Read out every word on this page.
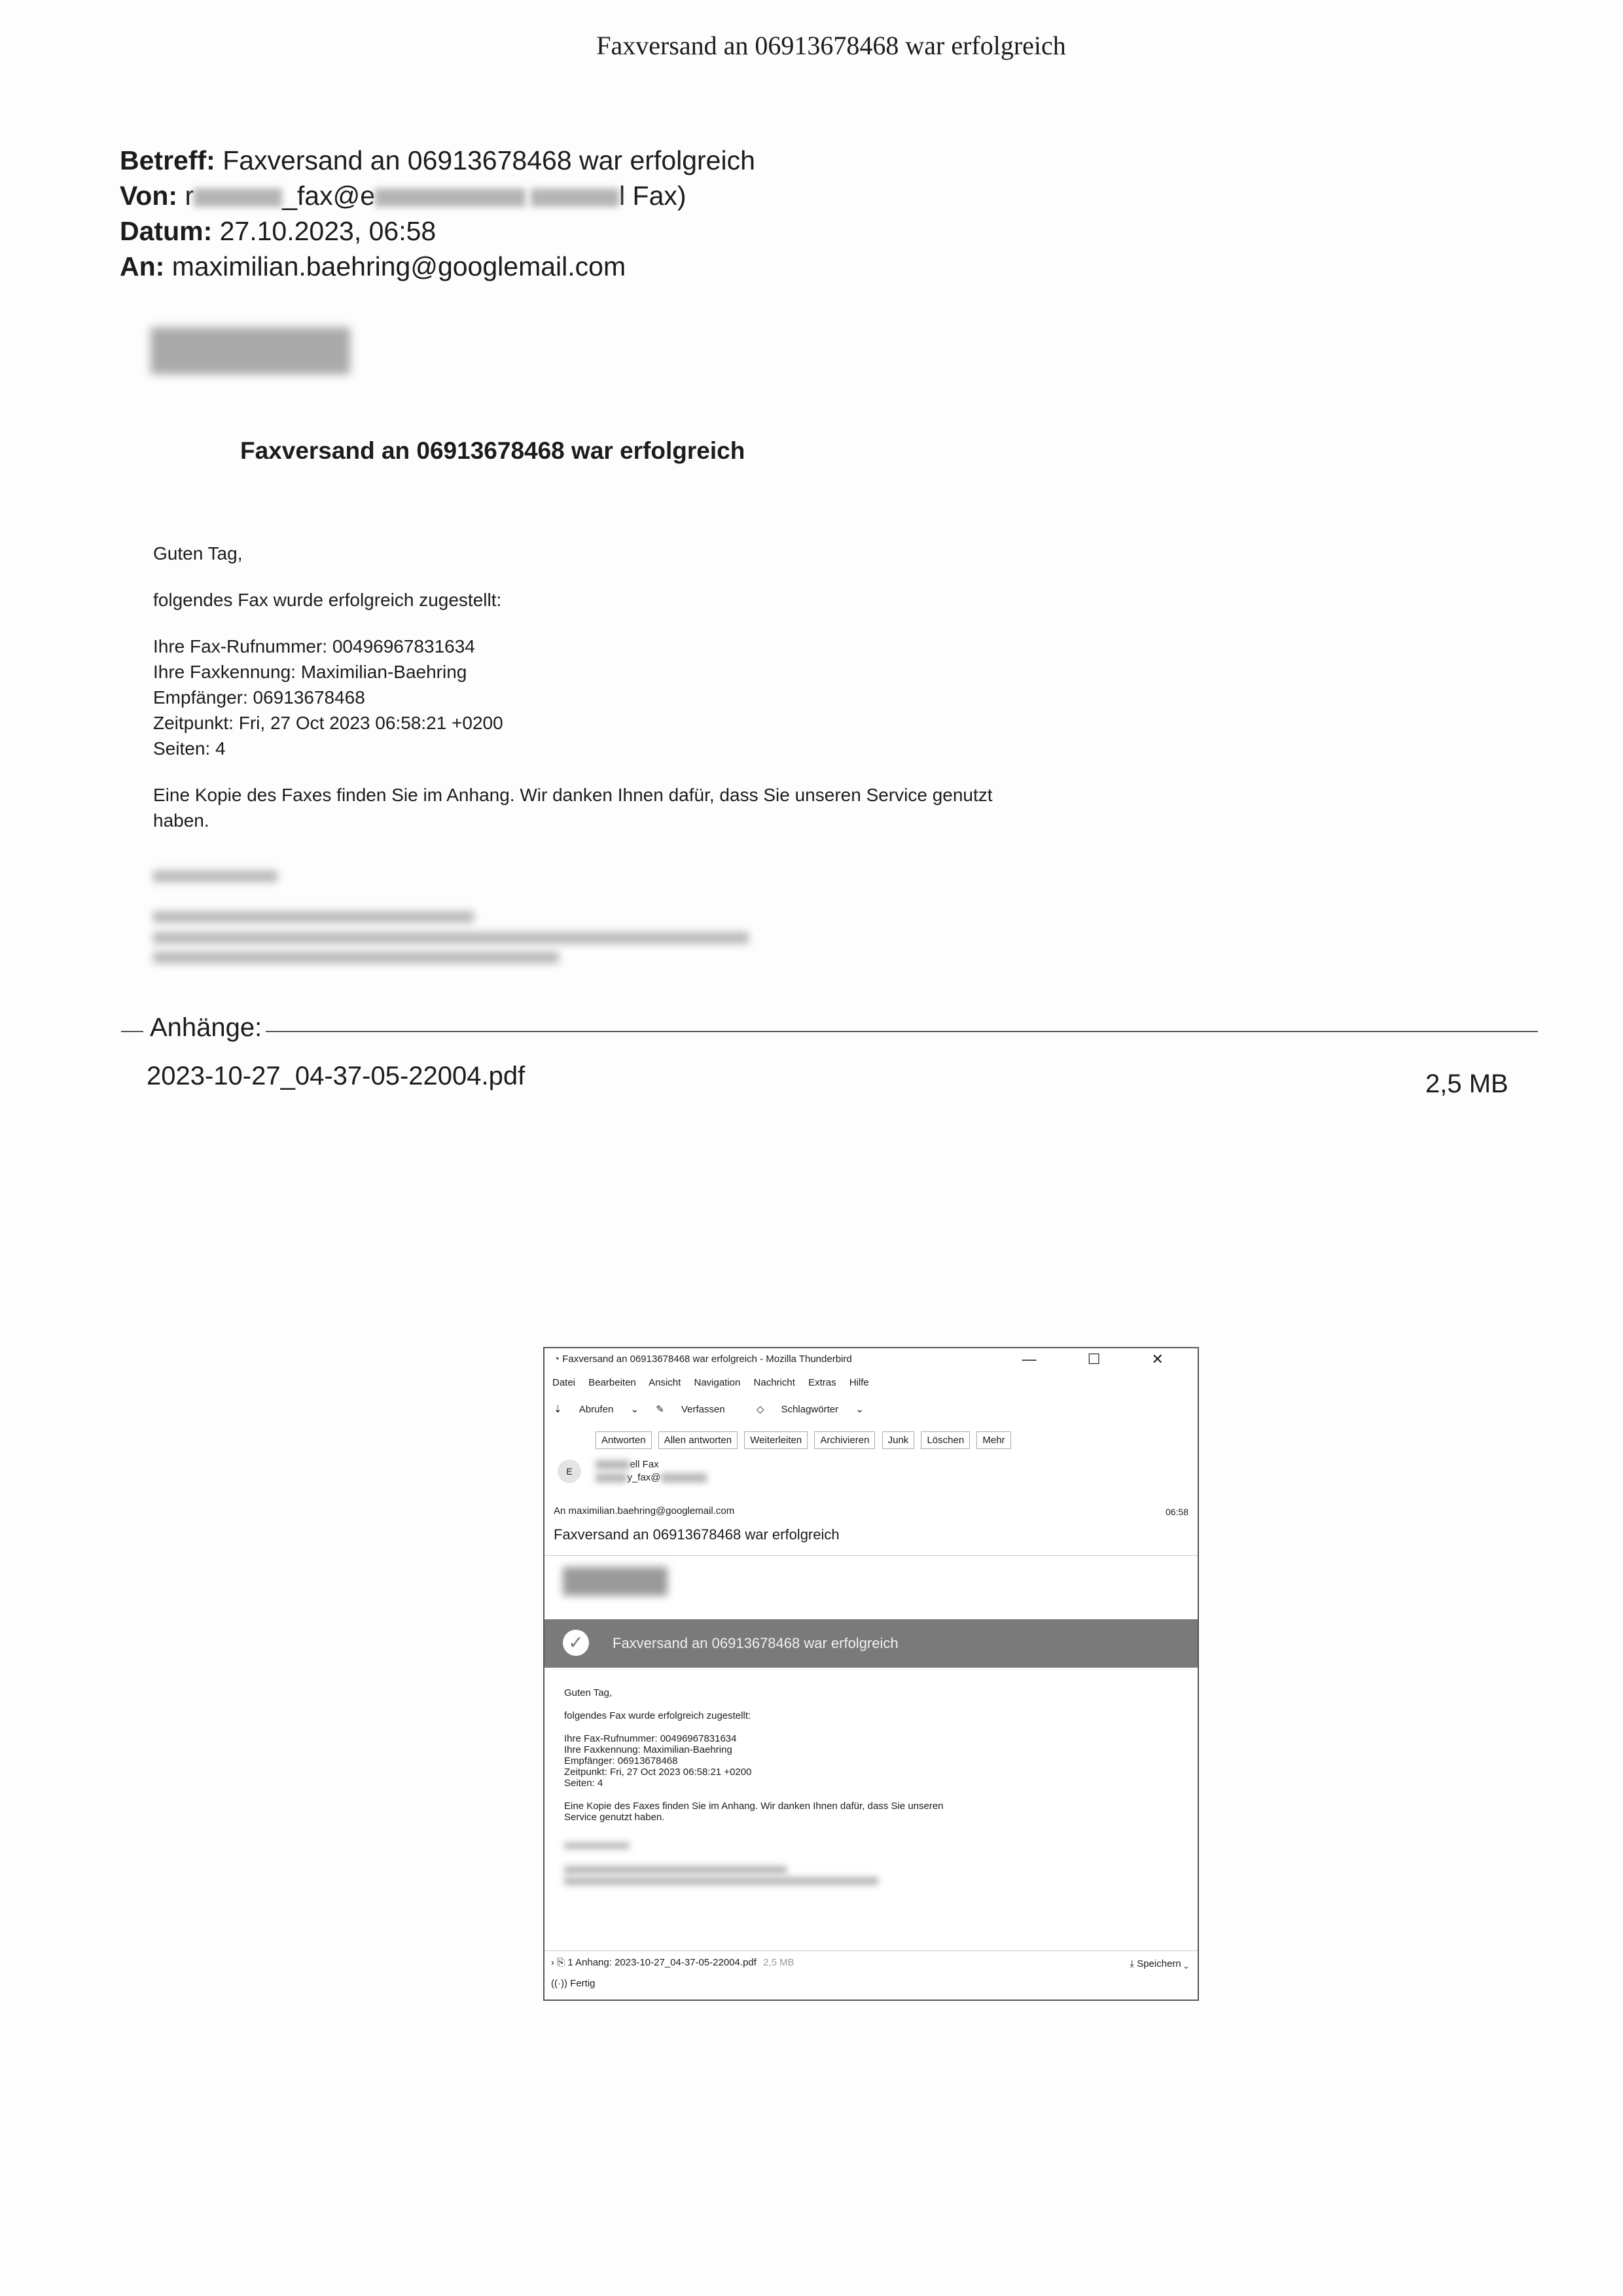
Faxversand an 06913678468 war erfolgreich
Betreff: Faxversand an 06913678468 war erfolgreich
Von: r	_fax@e	l Fax)
Datum: 27.10.2023, 06:58
An: maximilian.baehring@googlemail.com
Faxversand an 06913678468 war erfolgreich

Guten Tag,

folgendes Fax wurde erfolgreich zugestellt:

Ihre Fax-Rufnummer: 00496967831634
Ihre Faxkennung: Maximilian-Baehring
Empfänger: 06913678468
Zeitpunkt: Fri, 27 Oct 2023 06:58:21 +0200
Seiten: 4

Eine Kopie des Faxes finden Sie im Anhang. Wir danken Ihnen dafür, dass Sie unseren Service genutzt haben.

Anhänge:
2023-10-27_04-37-05-22004.pdf	2,5 MB
◔ Faxversand an 06913678468 war erfolgreich - Mozilla Thunderbird	— ☐ ✕
Datei Bearbeiten Ansicht Navigation Nachricht Extras Hilfe
⇣ Abrufen ⌄ ✎ Verfassen	◇ Schlagwörter ⌄
Antworten Allen antworten Weiterleiten Archivieren Junk Löschen Mehr
E ell Fax
y_fax@
An maximilian.baehring@googlemail.com	06:58
Faxversand an 06913678468 war erfolgreich
✓	Faxversand an 06913678468 war erfolgreich

Guten Tag,

folgendes Fax wurde erfolgreich zugestellt:

Ihre Fax-Rufnummer: 00496967831634
Ihre Faxkennung: Maximilian-Baehring
Empfänger: 06913678468
Zeitpunkt: Fri, 27 Oct 2023 06:58:21 +0200
Seiten: 4

Eine Kopie des Faxes finden Sie im Anhang. Wir danken Ihnen dafür, dass Sie unseren
Service genutzt haben.

› ⎘ 1 Anhang: 2023-10-27_04-37-05-22004.pdf 2,5 MB	⤓ Speichern ⌄
((·)) Fertig
